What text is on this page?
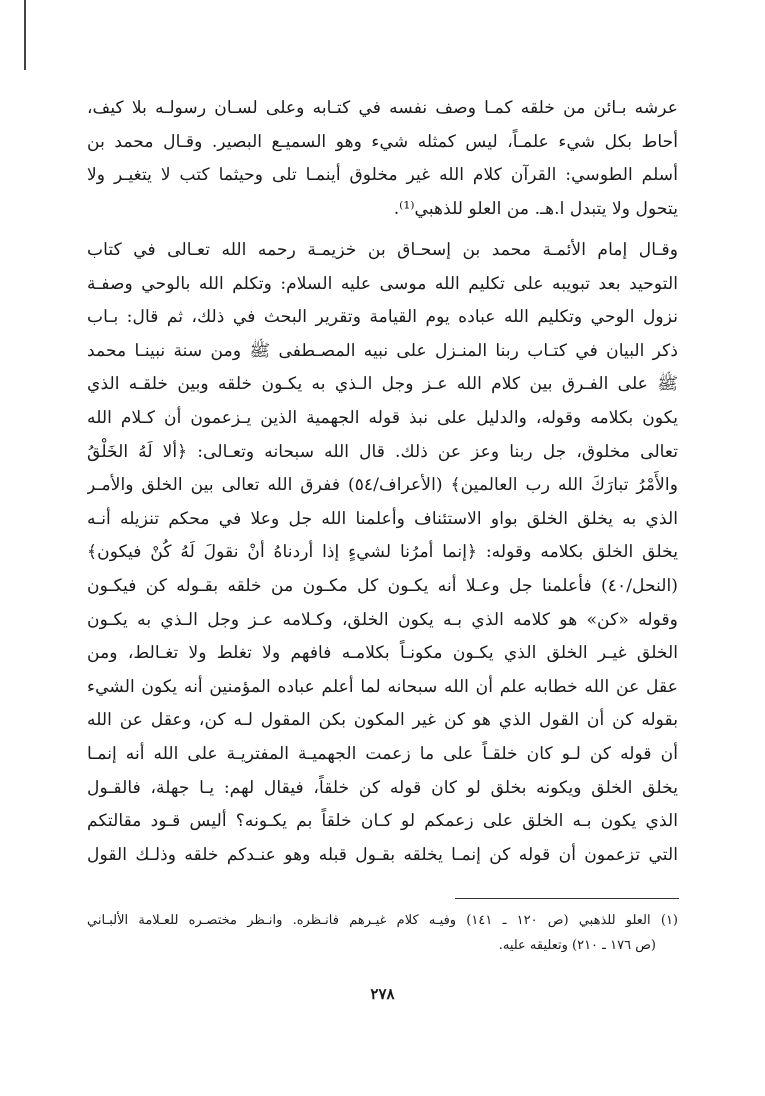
عرشه بـائن من خلقه كمـا وصف نفسه في كتـابه وعلى لسـان رسولـه بلا كيف،
أحاط بكل شيء علمـاً، ليس كمثله شيء وهو السميـع البصير. وقـال محمد بن
أسلم الطوسي: القرآن كلام الله غير مخلوق أينمـا تلى وحيثما كتب لا يتغيـر ولا
يتحول ولا يتبدل ا.هـ. من العلو للذهبي⁽¹⁾.
وقـال إمام الأئمـة محمد بن إسحـاق بن خزيمـة رحمه الله تعـالى في كتاب
التوحيد بعد تبويبه على تكليم الله موسى عليه السلام: وتكلم الله بالوحي وصفـة
نزول الوحي وتكليم الله عباده يوم القيامة وتقرير البحث في ذلك، ثم قال: بـاب
ذكر البيان في كتـاب ربنا المنـزل على نبيه المصـطفى ﷺ ومن سنة نبينـا محمد
ﷺ على الفـرق بين كلام الله عـز وجل الـذي به يكـون خلقه وبين خلقـه الذي
يكون بكلامه وقوله، والدليل على نبذ قوله الجهمية الذين يـزعمون أن كـلام الله
تعالى مخلوق، جل ربنا وعز عن ذلك. قال الله سبحانه وتعـالى: ﴿ألا لَهُ الخَلْقُ
والأَمْرُ تبارَكَ الله رب العالمين﴾ (الأعراف/٥٤) ففرق الله تعالى بين الخلق والأمـر
الذي به يخلق الخلق بواو الاستئناف وأعلمنا الله جل وعلا في محكم تنزيله أنـه
يخلق الخلق بكلامه وقوله: ﴿إنما أمرُنا لشيءٍ إذا أردناهُ أنْ نقولَ لَهُ كُنْ فيكون﴾
(النحل/٤٠) فأعلمنا جل وعـلا أنه يكـون كل مكـون من خلقه بقـوله كن فيكـون
وقوله «كن» هو كلامه الذي بـه يكون الخلق، وكـلامه عـز وجل الـذي به يكـون
الخلق غيـر الخلق الذي يكـون مكونـاً بكلامـه فافهم ولا تغلط ولا تغـالط، ومن
عقل عن الله خطابه علم أن الله سبحانه لما أعلم عباده المؤمنين أنه يكون الشيء
بقوله كن أن القول الذي هو كن غير المكون بكن المقول لـه كن، وعقل عن الله
أن قوله كن لـو كان خلقـاً على ما زعمت الجهميـة المفتريـة على الله أنه إنمـا
يخلق الخلق ويكونه بخلق لو كان قوله كن خلقاً، فيقال لهم: يـا جهلة، فالقـول
الذي يكون بـه الخلق على زعمكم لو كـان خلقاً بم يكـونه؟ أليس قـود مقالتكم
التي تزعمون أن قوله كن إنمـا يخلقه بقـول قبله وهو عنـدكم خلقه وذلـك القول
(١) العلو للذهبي (ص ١٢٠ ـ ١٤١) وفيـه كلام غيـرهم فانـظره. وانـظر مختصـره للعـلامة الألبـاني
(ص ١٧٦ ـ ٢١٠) وتعليقه عليه.
٢٧٨
